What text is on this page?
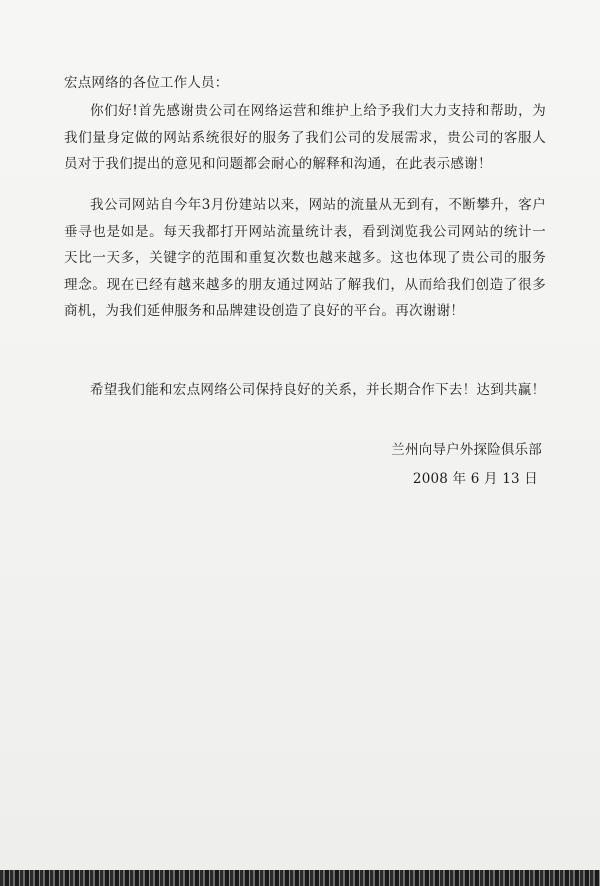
宏点网络的各位工作人员：
你们好!首先感谢贵公司在网络运营和维护上给予我们大力支持和帮助，为我们量身定做的网站系统很好的服务了我们公司的发展需求，贵公司的客服人员对于我们提出的意见和问题都会耐心的解释和沟通，在此表示感谢！
我公司网站自今年3月份建站以来，网站的流量从无到有，不断攀升，客户垂寻也是如是。每天我都打开网站流量统计表，看到浏览我公司网站的统计一天比一天多，关键字的范围和重复次数也越来越多。这也体现了贵公司的服务理念。现在已经有越来越多的朋友通过网站了解我们，从而给我们创造了很多商机，为我们延伸服务和品牌建设创造了良好的平台。再次谢谢！
希望我们能和宏点网络公司保持良好的关系，并长期合作下去！达到共赢！
兰州向导户外探险俱乐部
2008 年 6 月 13 日
